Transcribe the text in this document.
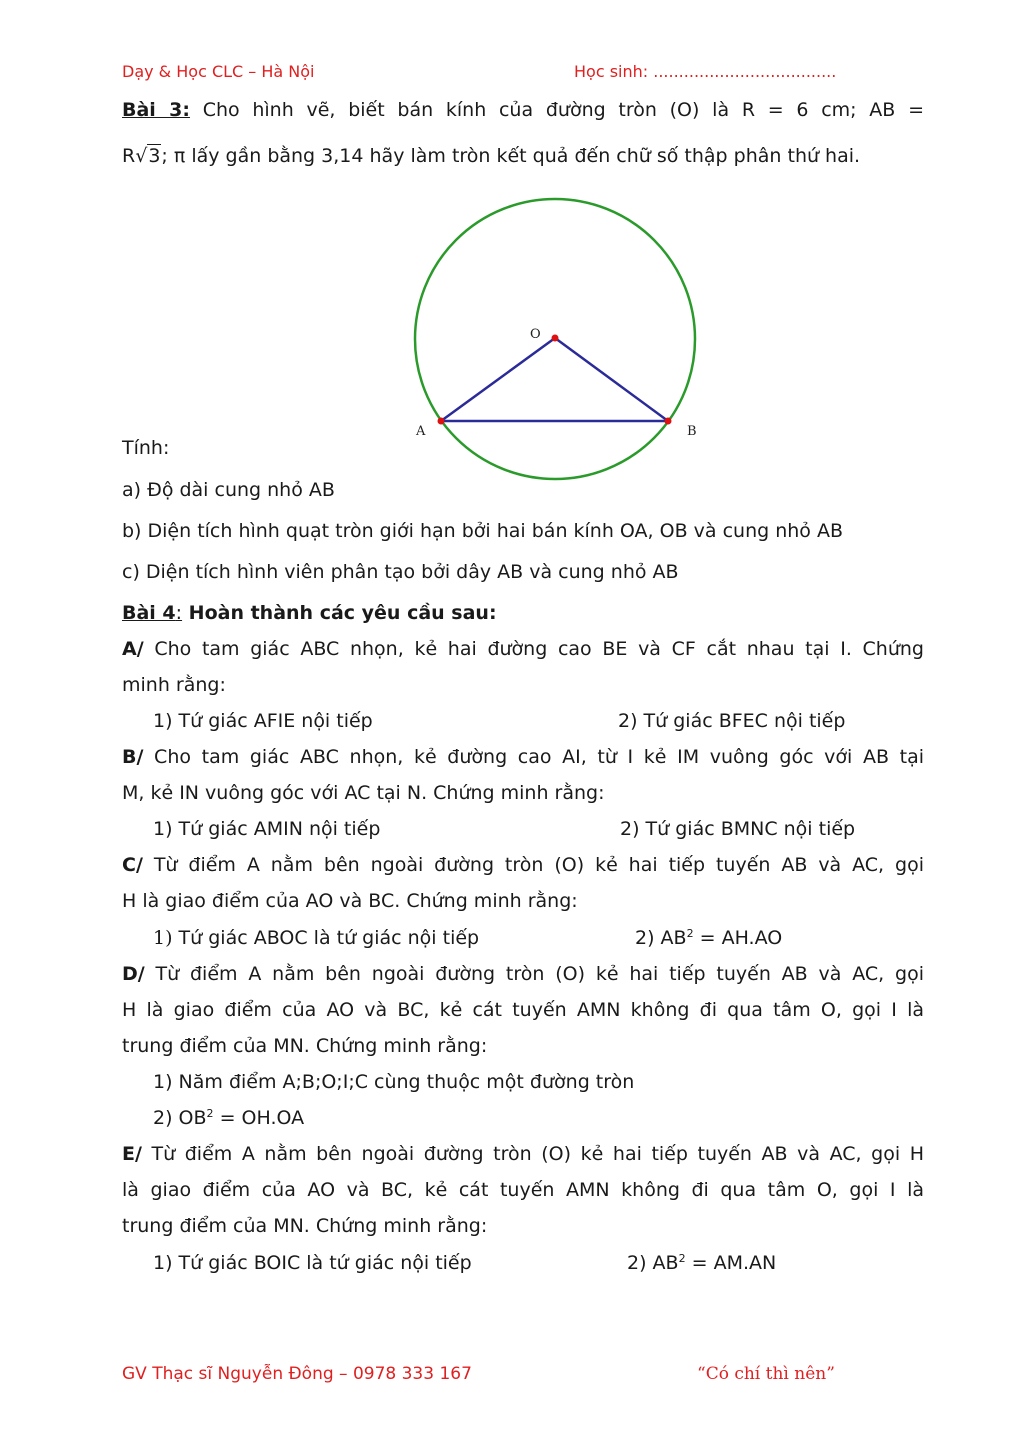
Dạy & Học CLC – Hà Nội	Học sinh: ....................................
Bài 3: Cho hình vẽ, biết bán kính của đường tròn (O) là R = 6 cm; AB =
R√3; π lấy gần bằng 3,14 hãy làm tròn kết quả đến chữ số thập phân thứ hai.
O
A	B
Tính:
a) Độ dài cung nhỏ AB
b) Diện tích hình quạt tròn giới hạn bởi hai bán kính OA, OB và cung nhỏ AB
c) Diện tích hình viên phân tạo bởi dây AB và cung nhỏ AB
Bài 4: Hoàn thành các yêu cầu sau:
A/ Cho tam giác ABC nhọn, kẻ hai đường cao BE và CF cắt nhau tại I. Chứng
minh rằng:
1) Tứ giác AFIE nội tiếp	2) Tứ giác BFEC nội tiếp
B/ Cho tam giác ABC nhọn, kẻ đường cao AI, từ I kẻ IM vuông góc với AB tại
M, kẻ IN vuông góc với AC tại N. Chứng minh rằng:
1) Tứ giác AMIN nội tiếp	2) Tứ giác BMNC nội tiếp
C/ Từ điểm A nằm bên ngoài đường tròn (O) kẻ hai tiếp tuyến AB và AC, gọi
H là giao điểm của AO và BC. Chứng minh rằng:
1) Tứ giác ABOC là tứ giác nội tiếp	2) $AB^2 = AH.AO$
D/ Từ điểm A nằm bên ngoài đường tròn (O) kẻ hai tiếp tuyến AB và AC, gọi
H là giao điểm của AO và BC, kẻ cát tuyến AMN không đi qua tâm O, gọi I là
trung điểm của MN. Chứng minh rằng:
1) Năm điểm A;B;O;I;C cùng thuộc một đường tròn
2) $OB^2 = OH.OA$
E/ Từ điểm A nằm bên ngoài đường tròn (O) kẻ hai tiếp tuyến AB và AC, gọi H
là giao điểm của AO và BC, kẻ cát tuyến AMN không đi qua tâm O, gọi I là
trung điểm của MN. Chứng minh rằng:
1) Tứ giác BOIC là tứ giác nội tiếp	2) $AB^2 = AM.AN$
GV Thạc sĩ Nguyễn Đông – 0978 333 167	“Có chí thì nên”
